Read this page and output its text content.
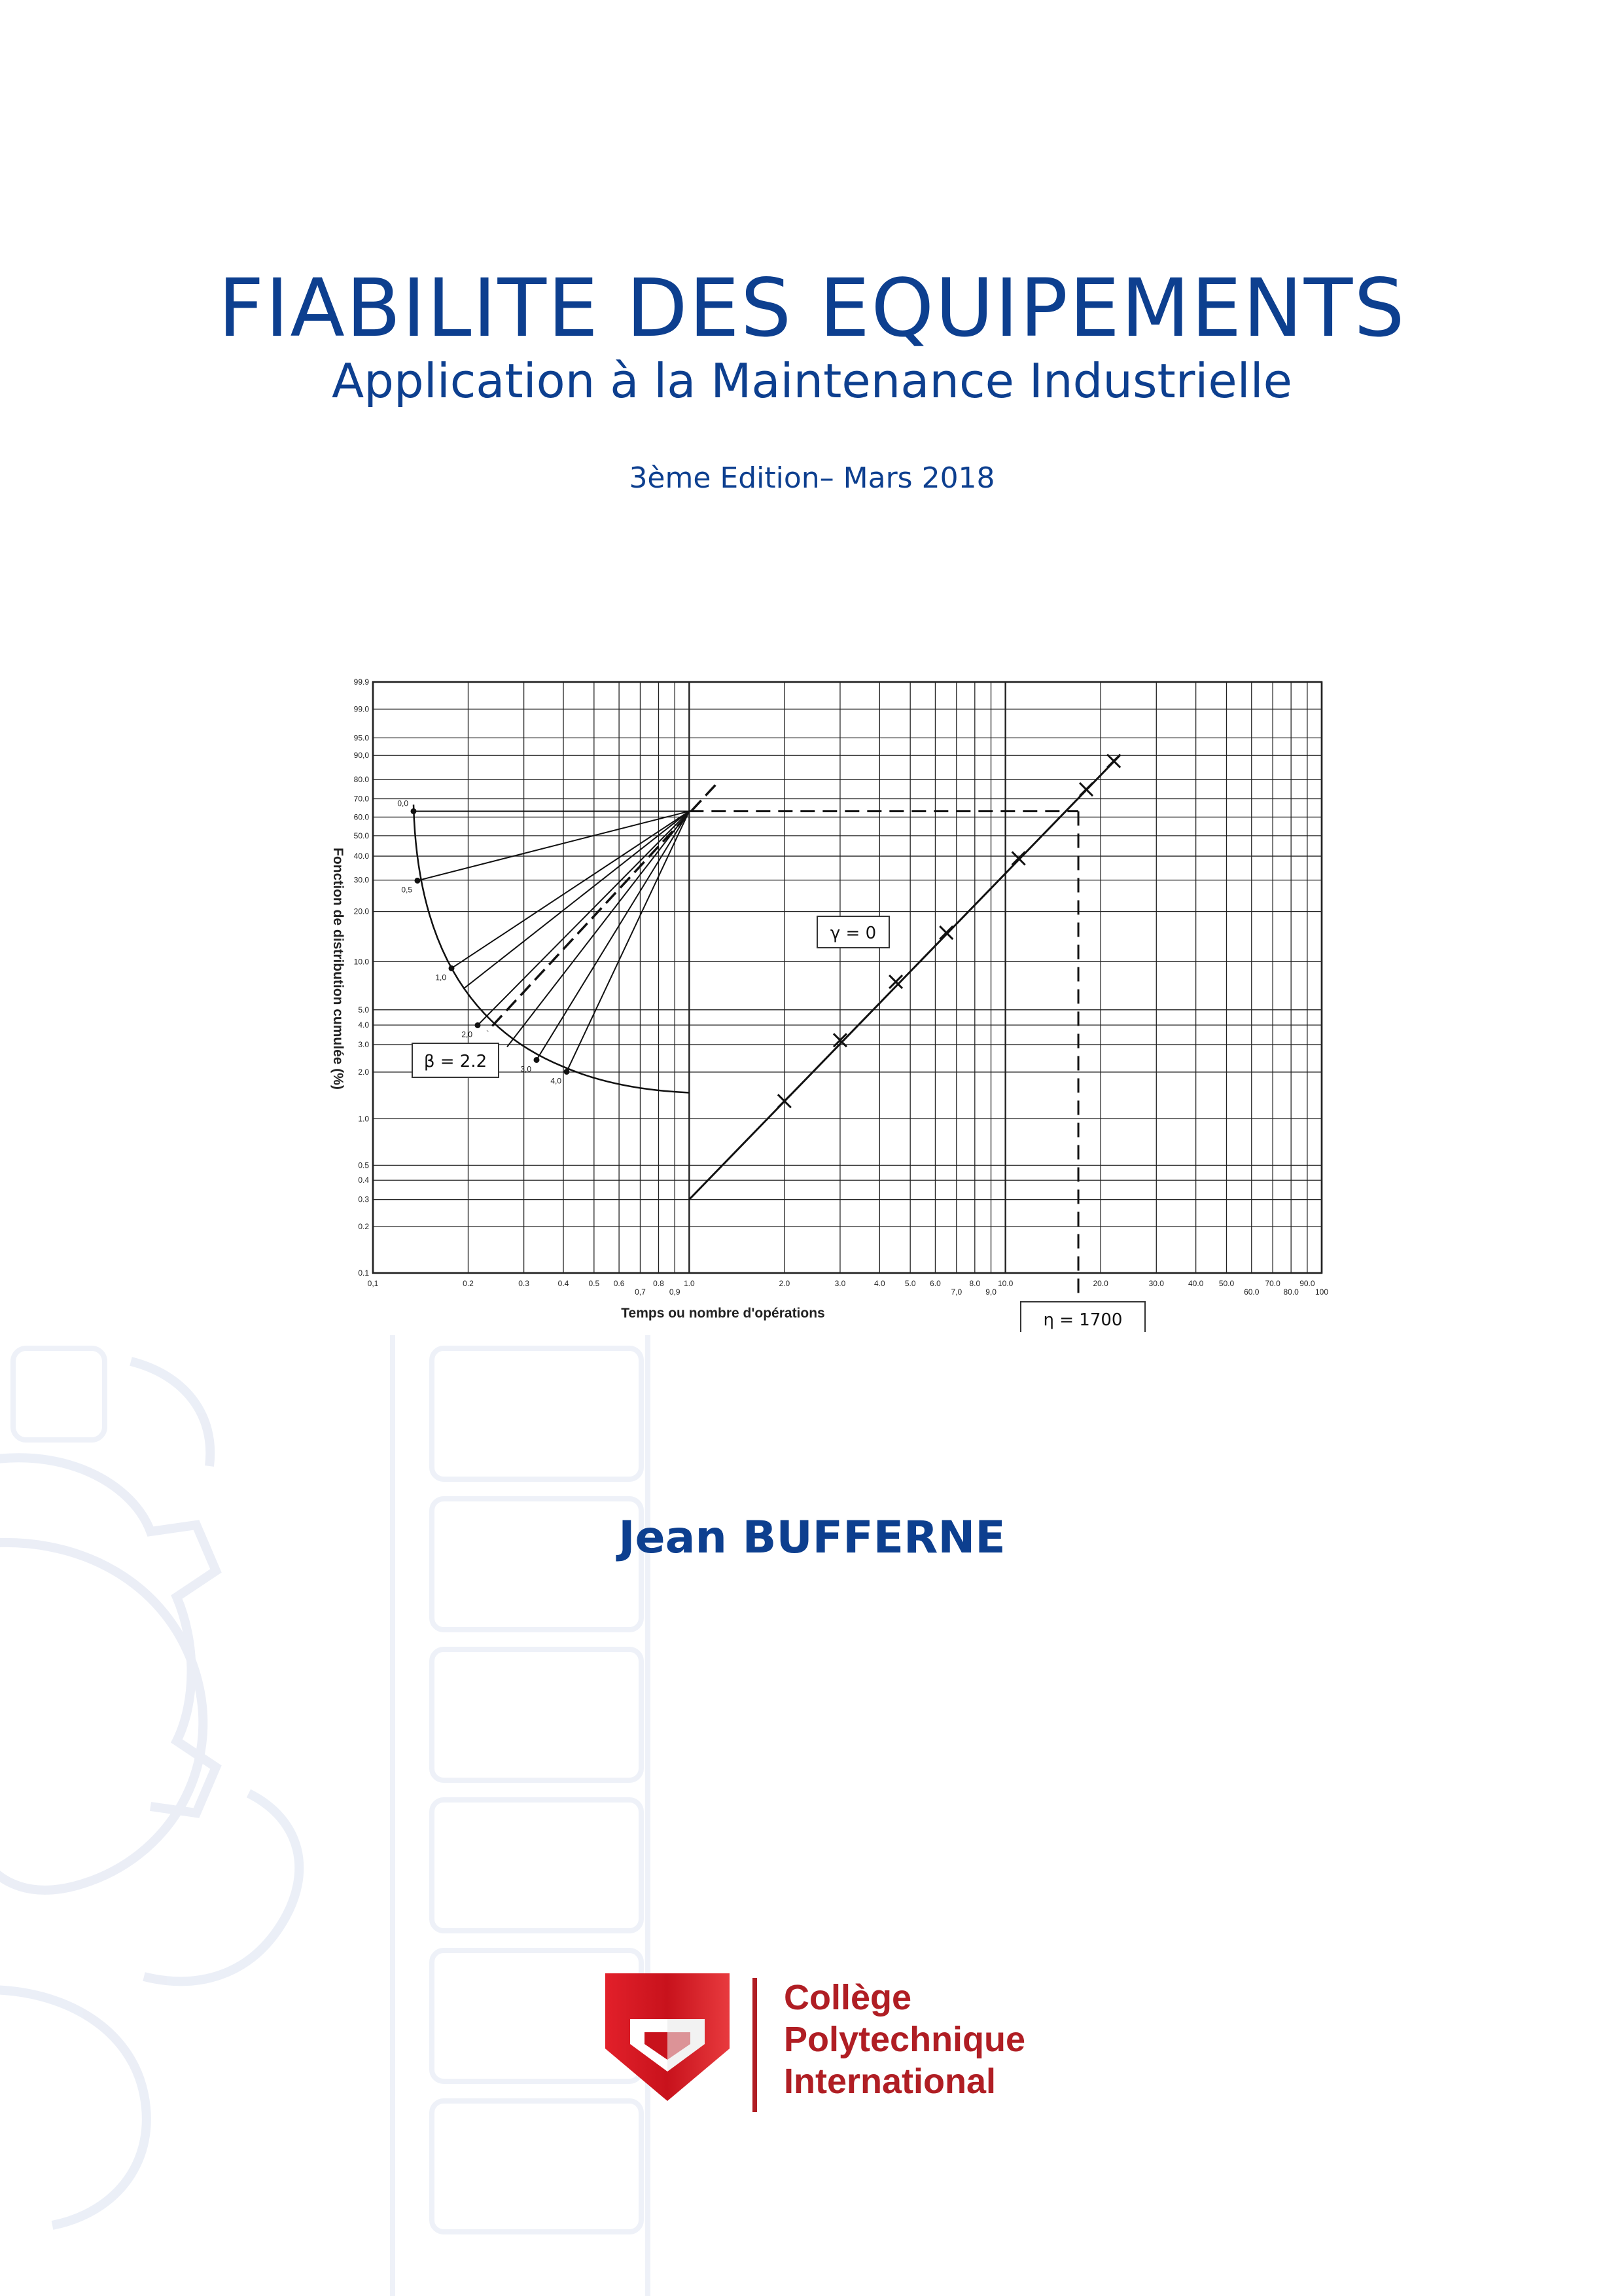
FIABILITE DES EQUIPEMENTS
Application à la Maintenance Industrielle
3ème Edition– Mars 2018
0,1	0.2	0.3	0.4	0.5 0.6
0,7
0.8
0,9
1.0	2.0	3.0	4.0	5.0 6.0
7,0
8.0
9,0
10.0	20.0	30.0	40.0 50.0
60.0
70.0
80.0
90.0
100
0.1
0.2
0.3
0.4
0.5
1.0
2.0
3.0
4.0
5.0
10.0
20.0
30.0
40.0
50.0
60.0
70.0
80.0
90,0
95.0
99.0
99.9
0,0
0,5
1,0
2,0
3,0
4,0
Temps ou nombre d'opérations
Fonction de distribution cumulée (%)	γ = 0
β = 2.2
η = 1700
Jean BUFFERNE
Collège
Polytechnique
International
